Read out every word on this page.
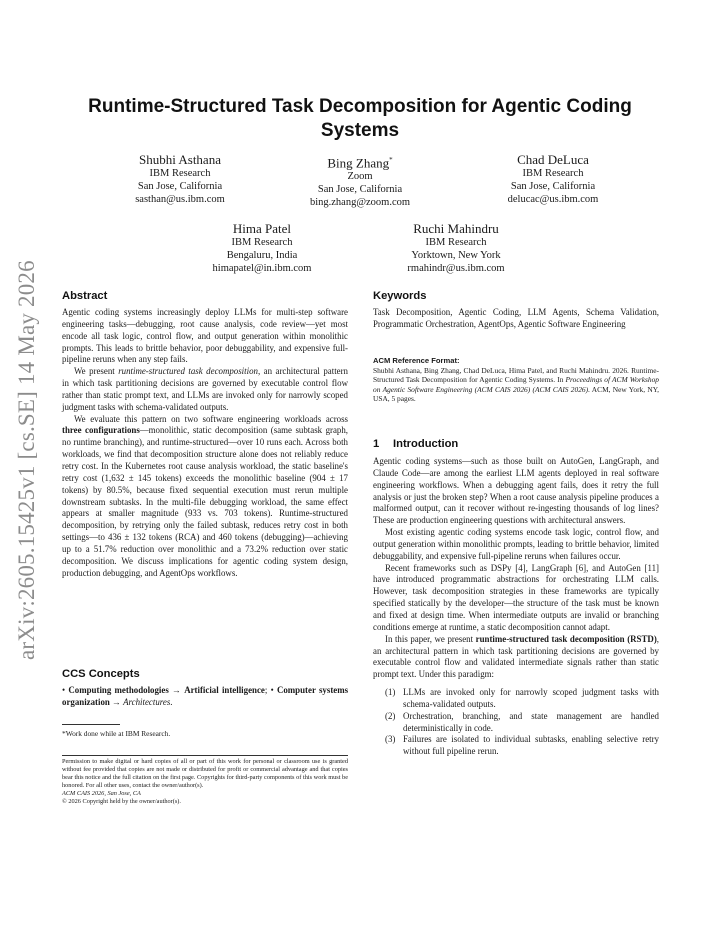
arXiv:2605.15425v1 [cs.SE] 14 May 2026
Runtime-Structured Task Decomposition for Agentic Coding Systems
Shubhi Asthana
IBM Research
San Jose, California
sasthan@us.ibm.com
Bing Zhang*
Zoom
San Jose, California
bing.zhang@zoom.com
Chad DeLuca
IBM Research
San Jose, California
delucac@us.ibm.com
Hima Patel
IBM Research
Bengaluru, India
himapatel@in.ibm.com
Ruchi Mahindru
IBM Research
Yorktown, New York
rmahindr@us.ibm.com
Abstract

Agentic coding systems increasingly deploy LLMs for multi-step software engineering tasks—debugging, root cause analysis, code review—yet most encode all task logic, control flow, and output generation within monolithic prompts. This leads to brittle behavior, poor debuggability, and expensive full-pipeline reruns when any step fails.

We present runtime-structured task decomposition, an architectural pattern in which task partitioning decisions are governed by executable control flow rather than static prompt text, and LLMs are invoked only for narrowly scoped judgment tasks with schema-validated outputs.

We evaluate this pattern on two software engineering workloads across three configurations—monolithic, static decomposition (same subtask graph, no runtime branching), and runtime-structured—over 10 runs each. Across both workloads, we find that decomposition structure alone does not reliably reduce retry cost. In the Kubernetes root cause analysis workload, the static baseline's retry cost (1,632 ± 145 tokens) exceeds the monolithic baseline (904 ± 17 tokens) by 80.5%, because fixed sequential execution must rerun multiple downstream subtasks. In the multi-file debugging workload, the same effect appears at smaller magnitude (933 vs. 703 tokens). Runtime-structured decomposition, by retrying only the failed subtask, reduces retry cost in both settings—to 436 ± 132 tokens (RCA) and 460 tokens (debugging)—achieving up to a 51.7% reduction over monolithic and a 73.2% reduction over static decomposition. We discuss implications for agentic coding system design, production debugging, and AgentOps workflows.

CCS Concepts

• Computing methodologies → Artificial intelligence; • Computer systems organization → Architectures.

*Work done while at IBM Research.

Permission to make digital or hard copies of all or part of this work for personal or classroom use is granted without fee provided that copies are not made or distributed for profit or commercial advantage and that copies bear this notice and the full citation on the first page. Copyrights for third-party components of this work must be honored. For all other uses, contact the owner/author(s).

ACM CAIS 2026, San Jose, CA

© 2026 Copyright held by the owner/author(s).

Keywords

Task Decomposition, Agentic Coding, LLM Agents, Schema Validation, Programmatic Orchestration, AgentOps, Agentic Software Engineering

ACM Reference Format:

Shubhi Asthana, Bing Zhang, Chad DeLuca, Hima Patel, and Ruchi Mahindru. 2026. Runtime-Structured Task Decomposition for Agentic Coding Systems. In Proceedings of ACM Workshop on Agentic Software Engineering (ACM CAIS 2026) (ACM CAIS 2026). ACM, New York, NY, USA, 5 pages.

1 Introduction

Agentic coding systems—such as those built on AutoGen, LangGraph, and Claude Code—are among the earliest LLM agents deployed in real software engineering workflows. When a debugging agent fails, does it retry the full analysis or just the broken step? When a root cause analysis pipeline produces a malformed output, can it recover without re-ingesting thousands of log lines? These are production engineering questions with architectural answers.

Most existing agentic coding systems encode task logic, control flow, and output generation within monolithic prompts, leading to brittle behavior, limited debuggability, and expensive full-pipeline reruns when failures occur.

Recent frameworks such as DSPy [4], LangGraph [6], and AutoGen [11] have introduced programmatic abstractions for orchestrating LLM calls. However, task decomposition strategies in these frameworks are typically specified statically by the developer—the structure of the task must be known and fixed at design time. When intermediate outputs are invalid or branching conditions emerge at runtime, a static decomposition cannot adapt.

In this paper, we present runtime-structured task decomposition (RSTD), an architectural pattern in which task partitioning decisions are governed by executable control flow and validated intermediate signals rather than static prompt text. Under this paradigm:

(1) LLMs are invoked only for narrowly scoped judgment tasks with schema-validated outputs.
(2) Orchestration, branching, and state management are handled deterministically in code.
(3) Failures are isolated to individual subtasks, enabling selective retry without full pipeline rerun.
